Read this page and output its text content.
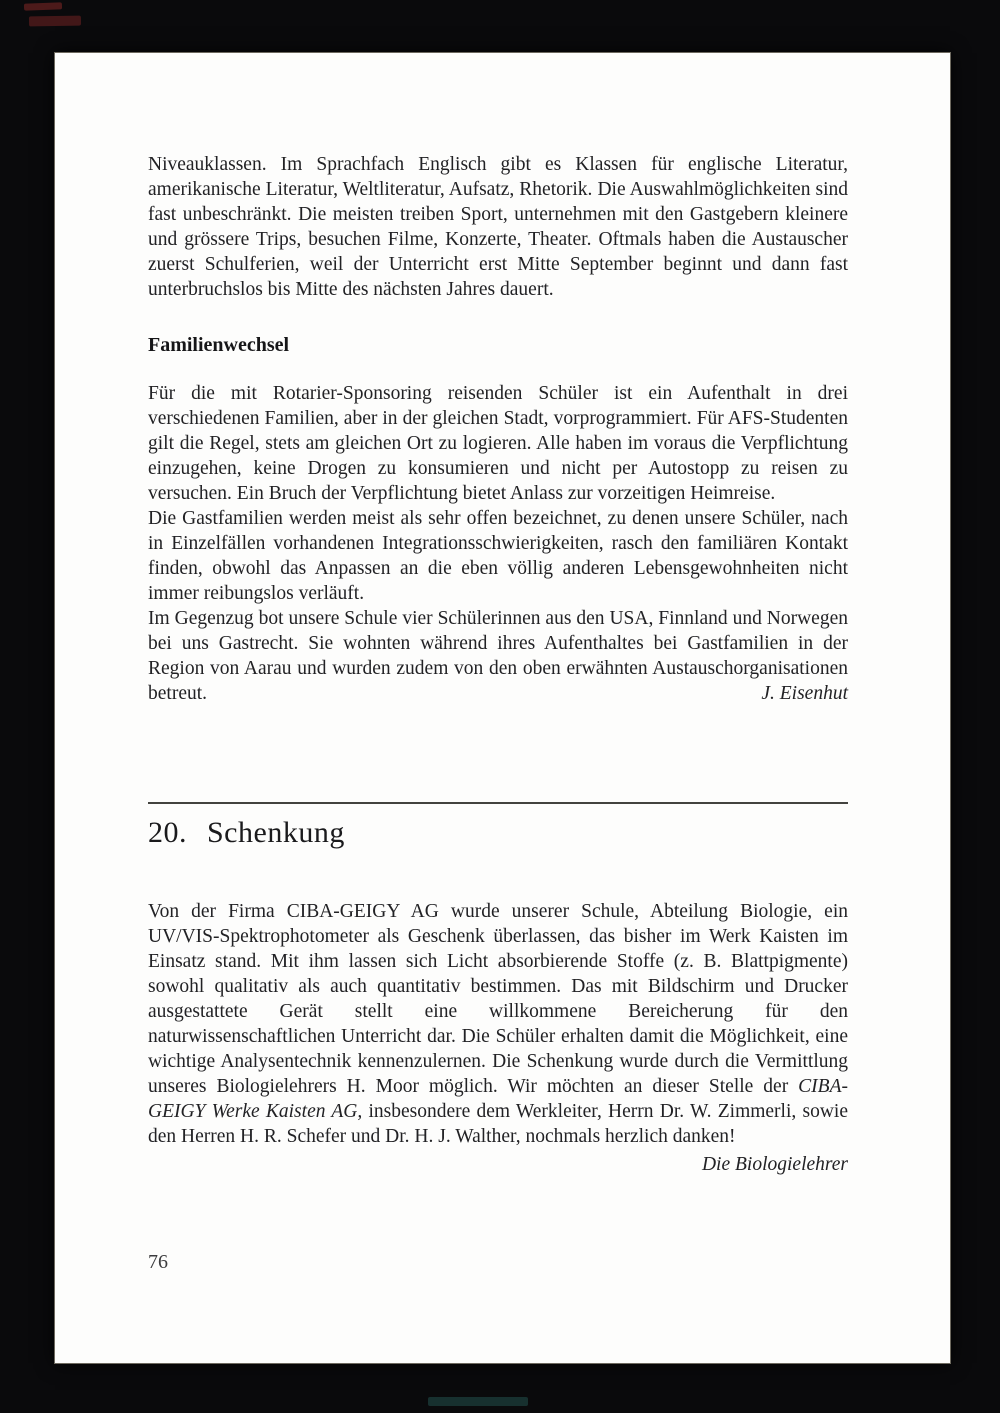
Niveauklassen. Im Sprachfach Englisch gibt es Klassen für englische Literatur, amerikanische Literatur, Weltliteratur, Aufsatz, Rhetorik. Die Auswahlmöglichkeiten sind fast unbeschränkt. Die meisten treiben Sport, unternehmen mit den Gastgebern kleinere und grössere Trips, besuchen Filme, Konzerte, Theater. Oftmals haben die Austauscher zuerst Schulferien, weil der Unterricht erst Mitte September beginnt und dann fast unterbruchslos bis Mitte des nächsten Jahres dauert.

Familienwechsel

Für die mit Rotarier-Sponsoring reisenden Schüler ist ein Aufenthalt in drei verschiedenen Familien, aber in der gleichen Stadt, vorprogrammiert. Für AFS-Studenten gilt die Regel, stets am gleichen Ort zu logieren. Alle haben im voraus die Verpflichtung einzugehen, keine Drogen zu konsumieren und nicht per Autostopp zu reisen zu versuchen. Ein Bruch der Verpflichtung bietet Anlass zur vorzeitigen Heimreise.

Die Gastfamilien werden meist als sehr offen bezeichnet, zu denen unsere Schüler, nach in Einzelfällen vorhandenen Integrationsschwierigkeiten, rasch den familiären Kontakt finden, obwohl das Anpassen an die eben völlig anderen Lebensgewohnheiten nicht immer reibungslos verläuft.

Im Gegenzug bot unsere Schule vier Schülerinnen aus den USA, Finnland und Norwegen bei uns Gastrecht. Sie wohnten während ihres Aufenthaltes bei Gastfamilien in der Region von Aarau und wurden zudem von den oben erwähnten Austauschorganisationen betreut.	J. Eisenhut

20. Schenkung

Von der Firma CIBA-GEIGY AG wurde unserer Schule, Abteilung Biologie, ein UV/VIS-Spektrophotometer als Geschenk überlassen, das bisher im Werk Kaisten im Einsatz stand. Mit ihm lassen sich Licht absorbierende Stoffe (z. B. Blattpigmente) sowohl qualitativ als auch quantitativ bestimmen. Das mit Bildschirm und Drucker ausgestattete Gerät stellt eine willkommene Bereicherung für den naturwissenschaftlichen Unterricht dar. Die Schüler erhalten damit die Möglichkeit, eine wichtige Analysentechnik kennenzulernen. Die Schenkung wurde durch die Vermittlung unseres Biologielehrers H. Moor möglich. Wir möchten an dieser Stelle der CIBA-GEIGY Werke Kaisten AG, insbesondere dem Werkleiter, Herrn Dr. W. Zimmerli, sowie den Herren H. R. Schefer und Dr. H. J. Walther, nochmals herzlich danken!

Die Biologielehrer

76
